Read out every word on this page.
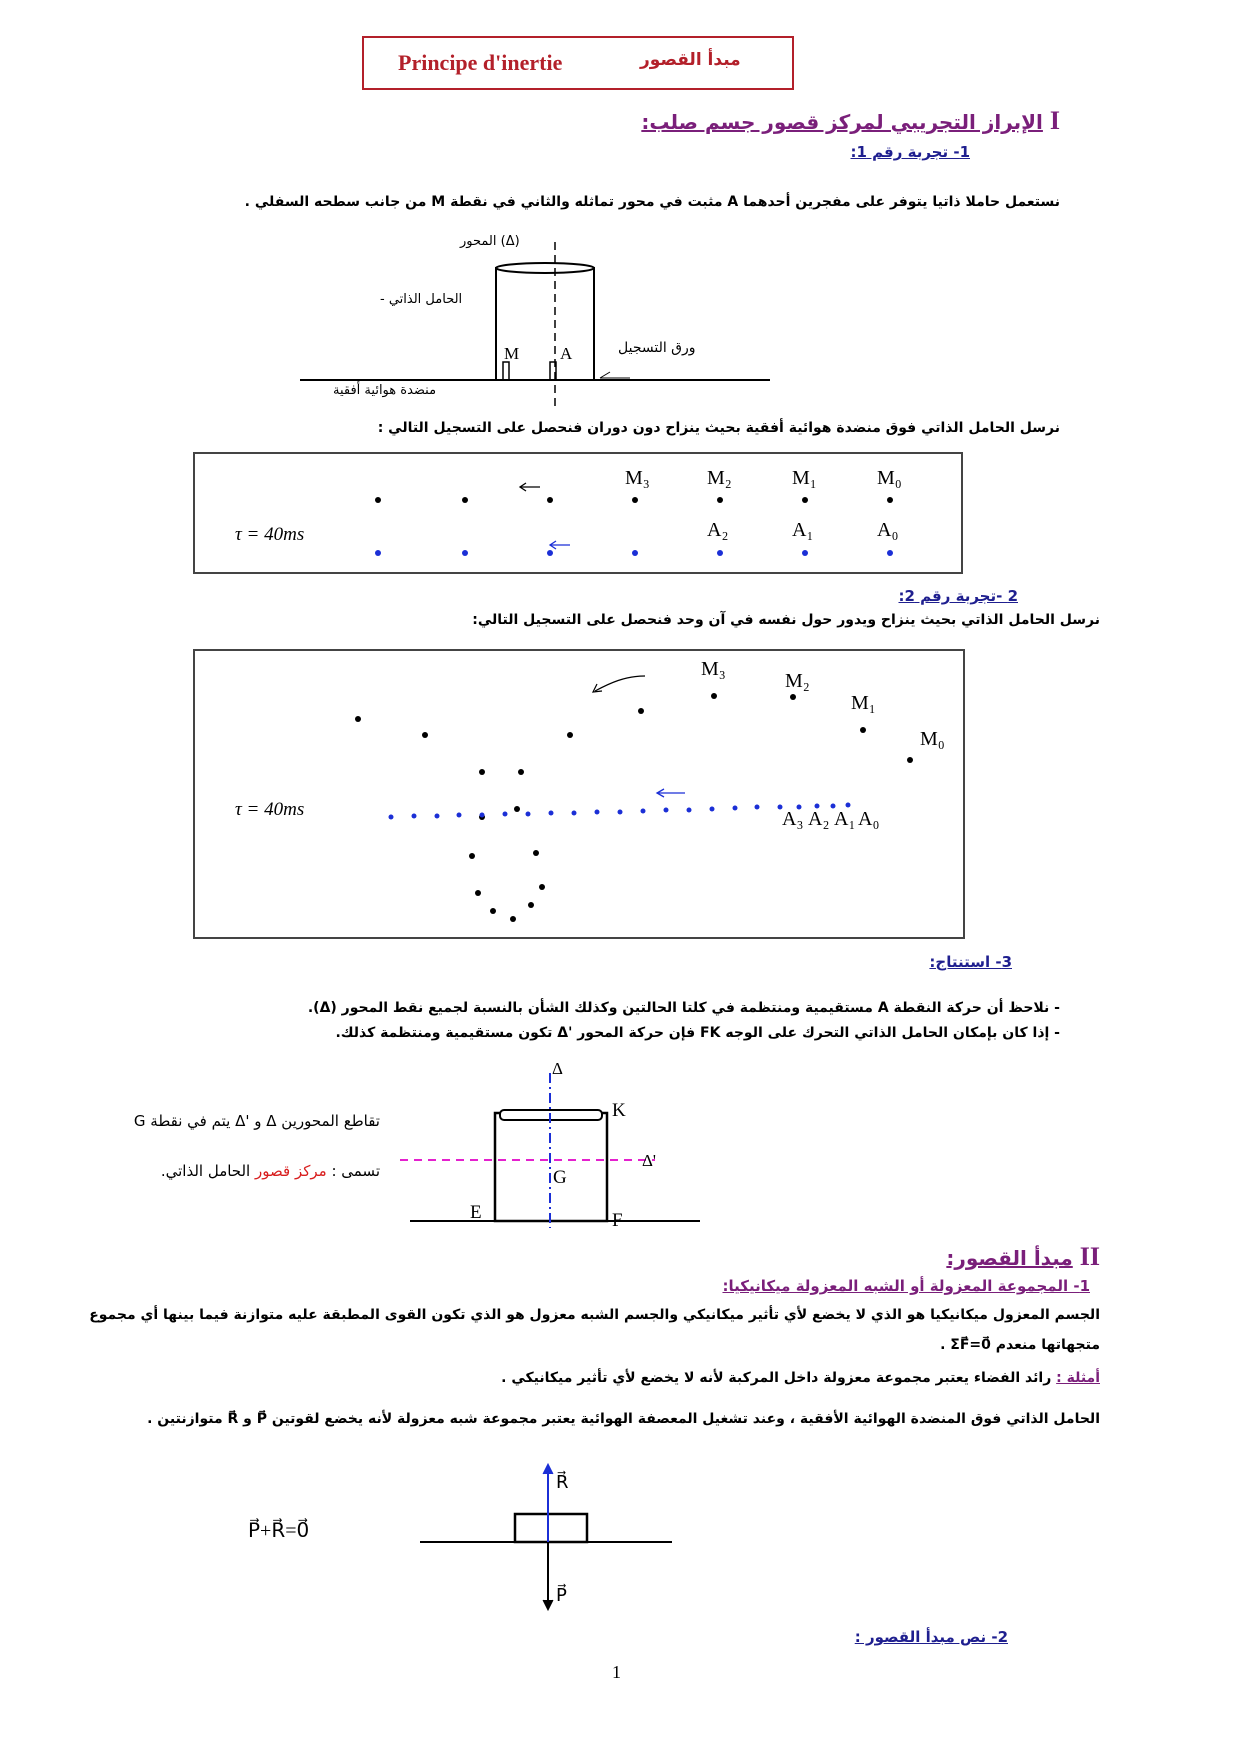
Principe d'inertie	مبدأ القصور
I الإبراز التجريبي لمركز قصور جسم صلب:
1- تجربة رقم 1:
نستعمل حاملا ذاتيا يتوفر على مفجرين أحدهما A مثبت في محور تماثله والثاني في نقطة M من جانب سطحه السفلي .
M A
المحور (Δ)
- الحامل الذاتي
ورق التسجيل
منضدة هوائية أفقية
نرسل الحامل الذاتي فوق منضدة هوائية أفقية بحيث ينزاح دون دوران فنحصل على التسجيل التالي :
M₃	M₂	M₁	M₀
A₂	A₁	A₀
τ = 40ms
2 -تجربة رقم 2:
نرسل الحامل الذاتي بحيث ينزاح ويدور حول نفسه في آن وحد فنحصل على التسجيل التالي:
M₃
M₂
M₁
M₀
A₃ A₂ A₁ A₀
τ = 40ms
3- استنتاج:
- نلاحظ أن حركة النقطة A مستقيمية ومنتظمة في كلتا الحالتين وكذلك الشأن بالنسبة لجميع نقط المحور (Δ).
- إذا كان بإمكان الحامل الذاتي التحرك على الوجه FK فإن حركة المحور 'Δ تكون مستقيمية ومنتظمة كذلك.
Δ
K
Δ'
G
E	F
تقاطع المحورين Δ و 'Δ يتم في نقطة G
تسمى : مركز قصور الحامل الذاتي.
II مبدأ القصور:
1- المجموعة المعزولة أو الشبه المعزولة ميكانيكيا:
الجسم المعزول ميكانيكيا هو الذي لا يخضع لأي تأثير ميكانيكي والجسم الشبه معزول هو الذي تكون القوى المطبقة عليه متوازنة فيما بينها أي مجموع متجهاتها منعدم ΣF⃗=0⃗ .
أمثلة : رائد الفضاء يعتبر مجموعة معزولة داخل المركبة لأنه لا يخضع لأي تأثير ميكانيكي .
الحامل الذاتي فوق المنضدة الهوائية الأفقية ، وعند تشغيل المعصفة الهوائية يعتبر مجموعة شبه معزولة لأنه يخضع لقوتين P⃗ و R⃗ متوازنتين .
R⃗
P⃗
P⃗+R⃗=0⃗
2- نص مبدأ القصور :
1
